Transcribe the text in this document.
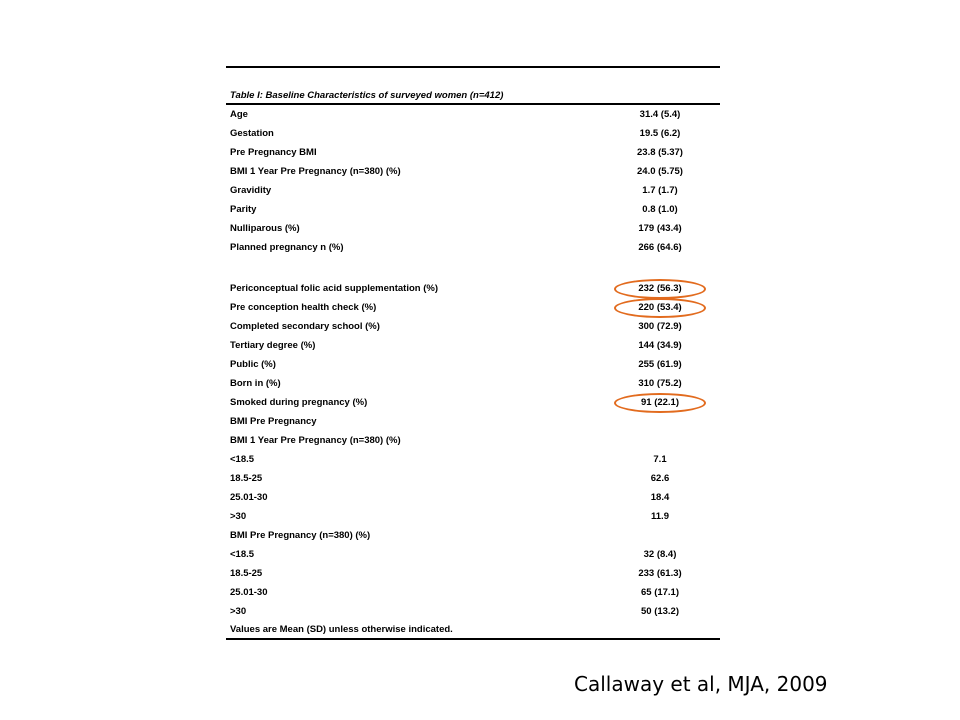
Table I: Baseline Characteristics of surveyed women (n=412)
Age	31.4 (5.4)
Gestation	19.5 (6.2)
Pre Pregnancy BMI	23.8 (5.37)
BMI 1 Year Pre Pregnancy (n=380) (%)	24.0 (5.75)
Gravidity	1.7 (1.7)
Parity	0.8 (1.0)
Nulliparous (%)	179 (43.4)
Planned pregnancy n (%)	266 (64.6)
Periconceptual folic acid supplementation (%)	232 (56.3)
Pre conception health check (%)	220 (53.4)
Completed secondary school (%)	300 (72.9)
Tertiary degree (%)	144 (34.9)
Public (%)	255 (61.9)
Born in (%)	310 (75.2)
Smoked during pregnancy (%)	91 (22.1)
BMI Pre Pregnancy
BMI 1 Year Pre Pregnancy (n=380) (%)
<18.5	7.1
18.5-25	62.6
25.01-30	18.4
>30	11.9
BMI Pre Pregnancy (n=380) (%)
<18.5	32 (8.4)
18.5-25	233 (61.3)
25.01-30	65 (17.1)
>30	50 (13.2)
Values are Mean (SD) unless otherwise indicated.
Callaway et al, MJA, 2009
